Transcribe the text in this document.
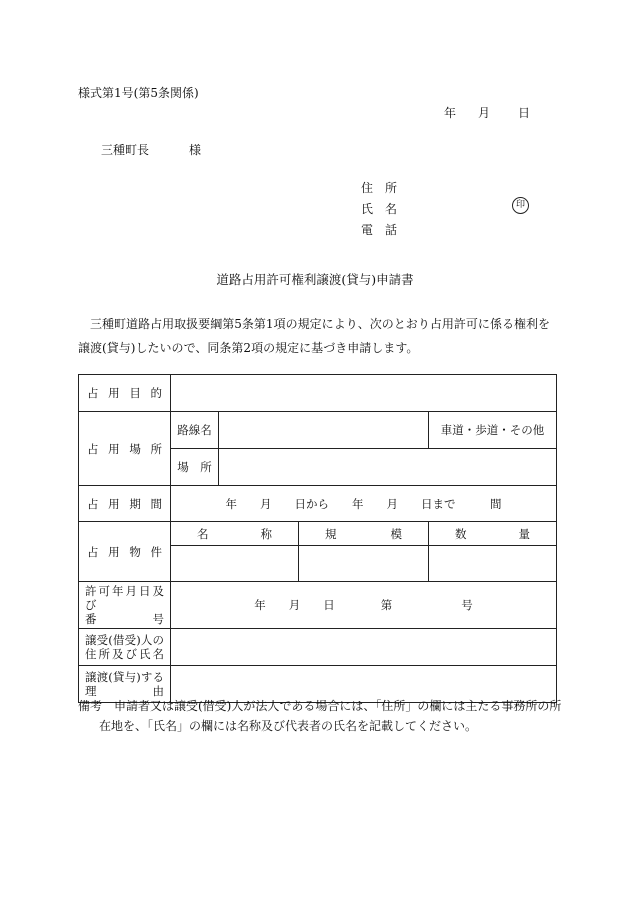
様式第1号(第5条関係)
年 月 日
三種町長	様
住　所
氏　名
電　話
印
道路占用許可権利譲渡(貸与)申請書
三種町道路占用取扱要綱第5条第1項の規定により、次のとおり占用許可に係る権利を譲渡(貸与)したいので、同条第2項の規定に基づき申請します。
占用目的				
占用場所	路線名			車道・歩道・その他
	場　所			
占用期間	年　　月　　日から　　年　　月　　日まで　　　間			
占用物件	名称		規模	数量

許可年月日及び
番号	年　　月　　日　　　　第　　　　　　号			

譲受(借受)人の
住所及び氏名				

譲渡(貸与)する
理由				

備考　申請者又は譲受(借受)人が法人である場合には、「住所」の欄には主たる事務所の所
在地を、「氏名」の欄には名称及び代表者の氏名を記載してください。
